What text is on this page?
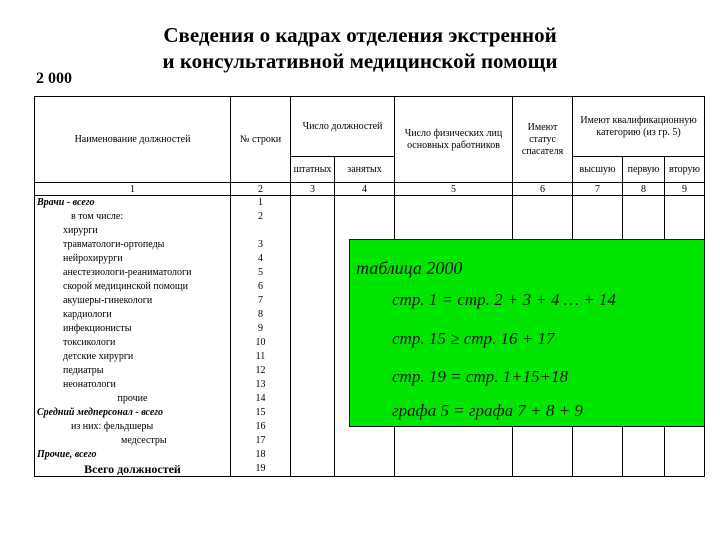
Сведения о кадрах отделения экстренной
и консультативной медицинской помощи
2 000
Наименование должностей	№ строки	Число должностей		Число физических лиц основных работников	Имеют статус спасателя	Имеют квалификационную категорию (из гр. 5)		
		штатных	занятых			высшую	первую	вторую
1	2	3	4	5	6	7	8	9
Врачи - всего	1							
в том числе:	2							
хирурги								
травматологи-ортопеды	3							
нейрохирурги	4							
анестезиологи-реаниматологи	5							
скорой медицинской помощи	6							
акушеры-гинекологи	7							
кардиологи	8							
инфекционисты	9							
токсикологи	10							
детские хирурги	11							
педиатры	12							
неонатологи	13							
прочие	14							
Средний медперсонал - всего	15							
из них: фельдшеры	16							
медсестры	17							
Прочие, всего	18							
Всего должностей	19							
таблица 2000
стр. 1 = стр. 2 + 3 + 4 … + 14
стр. 15 ≥ стр. 16 + 17
стр. 19 = стр. 1+15+18
графа 5 = графа 7 + 8 + 9
